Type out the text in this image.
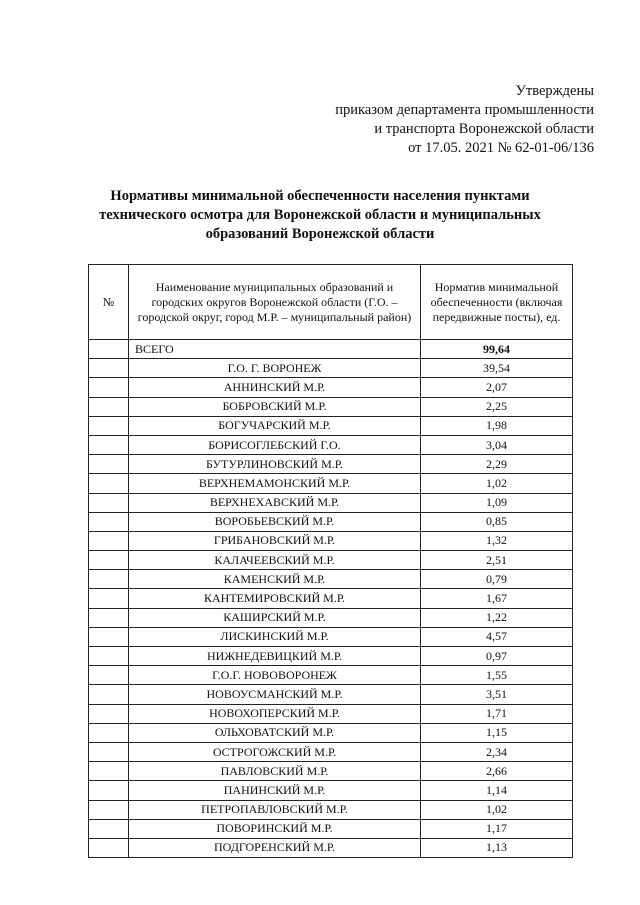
Утверждены
приказом департамента промышленности
и транспорта Воронежской области
от 17.05. 2021 № 62-01-06/136
Нормативы минимальной обеспеченности населения пунктами
технического осмотра для Воронежской области и муниципальных
образований Воронежской области
№	Наименование муниципальных образований и городских округов Воронежской области (Г.О. – городской округ, город М.Р. – муниципальный район)	Норматив минимальной обеспеченности (включая передвижные посты), ед.
	ВСЕГО	99,64
	Г.О. Г. ВОРОНЕЖ	39,54
	АННИНСКИЙ М.Р.	2,07
	БОБРОВСКИЙ М.Р.	2,25
	БОГУЧАРСКИЙ М.Р.	1,98
	БОРИСОГЛЕБСКИЙ Г.О.	3,04
	БУТУРЛИНОВСКИЙ М.Р.	2,29
	ВЕРХНЕМАМОНСКИЙ М.Р.	1,02
	ВЕРХНЕХАВСКИЙ М.Р.	1,09
	ВОРОБЬЕВСКИЙ М.Р.	0,85
	ГРИБАНОВСКИЙ М.Р.	1,32
	КАЛАЧЕЕВСКИЙ М.Р.	2,51
	КАМЕНСКИЙ М.Р.	0,79
	КАНТЕМИРОВСКИЙ М.Р.	1,67
	КАШИРСКИЙ М.Р.	1,22
	ЛИСКИНСКИЙ М.Р.	4,57
	НИЖНЕДЕВИЦКИЙ М.Р.	0,97
	Г.О.Г. НОВОВОРОНЕЖ	1,55
	НОВОУСМАНСКИЙ М.Р.	3,51
	НОВОХОПЕРСКИЙ М.Р.	1,71
	ОЛЬХОВАТСКИЙ М.Р.	1,15
	ОСТРОГОЖСКИЙ М.Р.	2,34
	ПАВЛОВСКИЙ М.Р.	2,66
	ПАНИНСКИЙ М.Р.	1,14
	ПЕТРОПАВЛОВСКИЙ М.Р.	1,02
	ПОВОРИНСКИЙ М.Р.	1,17
	ПОДГОРЕНСКИЙ М.Р.	1,13
